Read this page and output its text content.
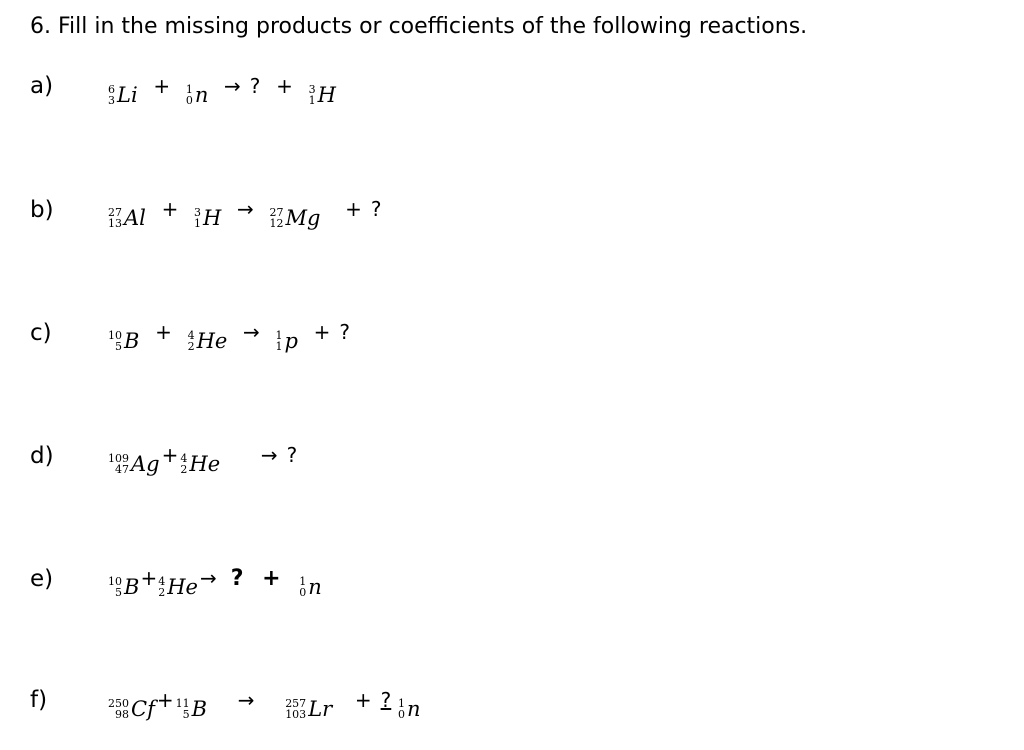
6. Fill in the missing products or coefficients of the following reactions.
a)	6
3 Li + 1
0 n → ? + 3
1 H
b)	27
13 Al + 3
1 H → 27
12 Mg + ?
c)	10
5 B + 4
2 He → 1
1 p + ?
d)	109
47 Ag + 4
2 He → ?
e)	10
5 B + 4
2 He → ? + 1
0 n
f)	250
98 Cf + 11
5 B →	257
103 Lr + ? 1
0 n
